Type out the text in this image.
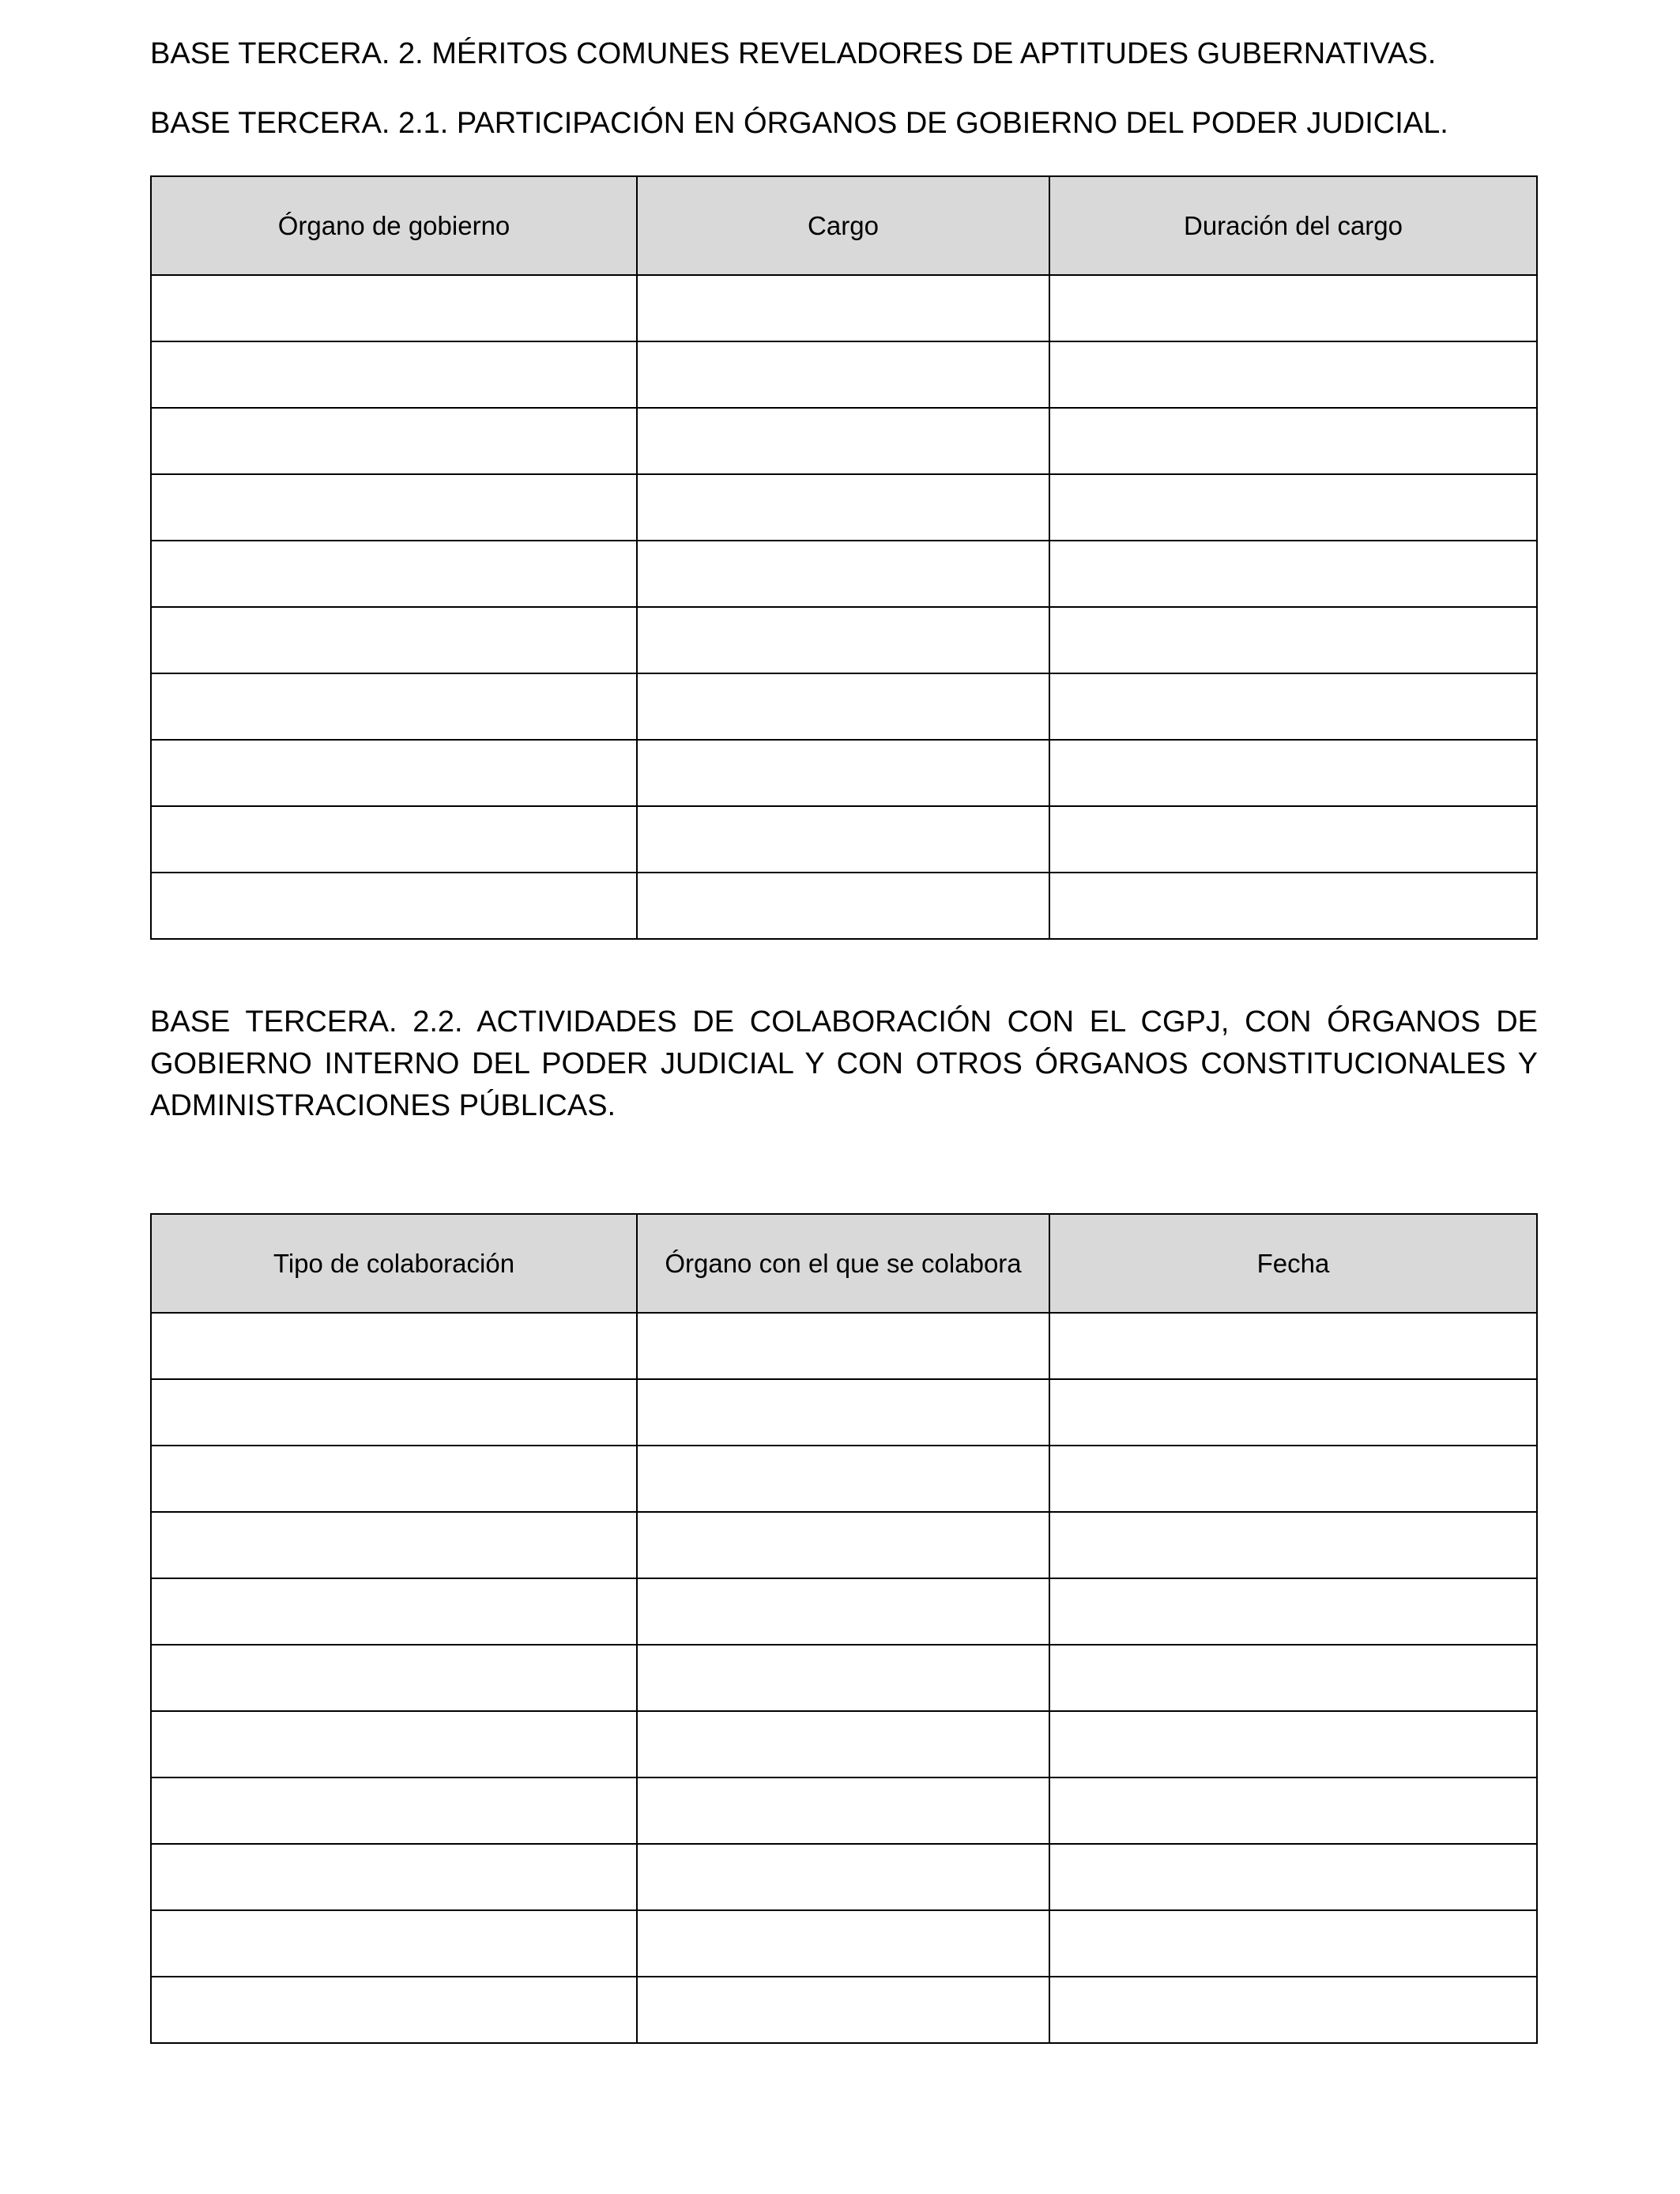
BASE TERCERA. 2. MÉRITOS COMUNES REVELADORES DE APTITUDES GUBERNATIVAS.

BASE TERCERA. 2.1. PARTICIPACIÓN EN ÓRGANOS DE GOBIERNO DEL PODER JUDICIAL.

Órgano de gobierno	Cargo	Duración del cargo

BASE TERCERA. 2.2. ACTIVIDADES DE COLABORACIÓN CON EL CGPJ, CON ÓRGANOS DE GOBIERNO INTERNO DEL PODER JUDICIAL Y CON OTROS ÓRGANOS CONSTITUCIONALES Y ADMINISTRACIONES PÚBLICAS.

Tipo de colaboración	Órgano con el que se colabora	Fecha
